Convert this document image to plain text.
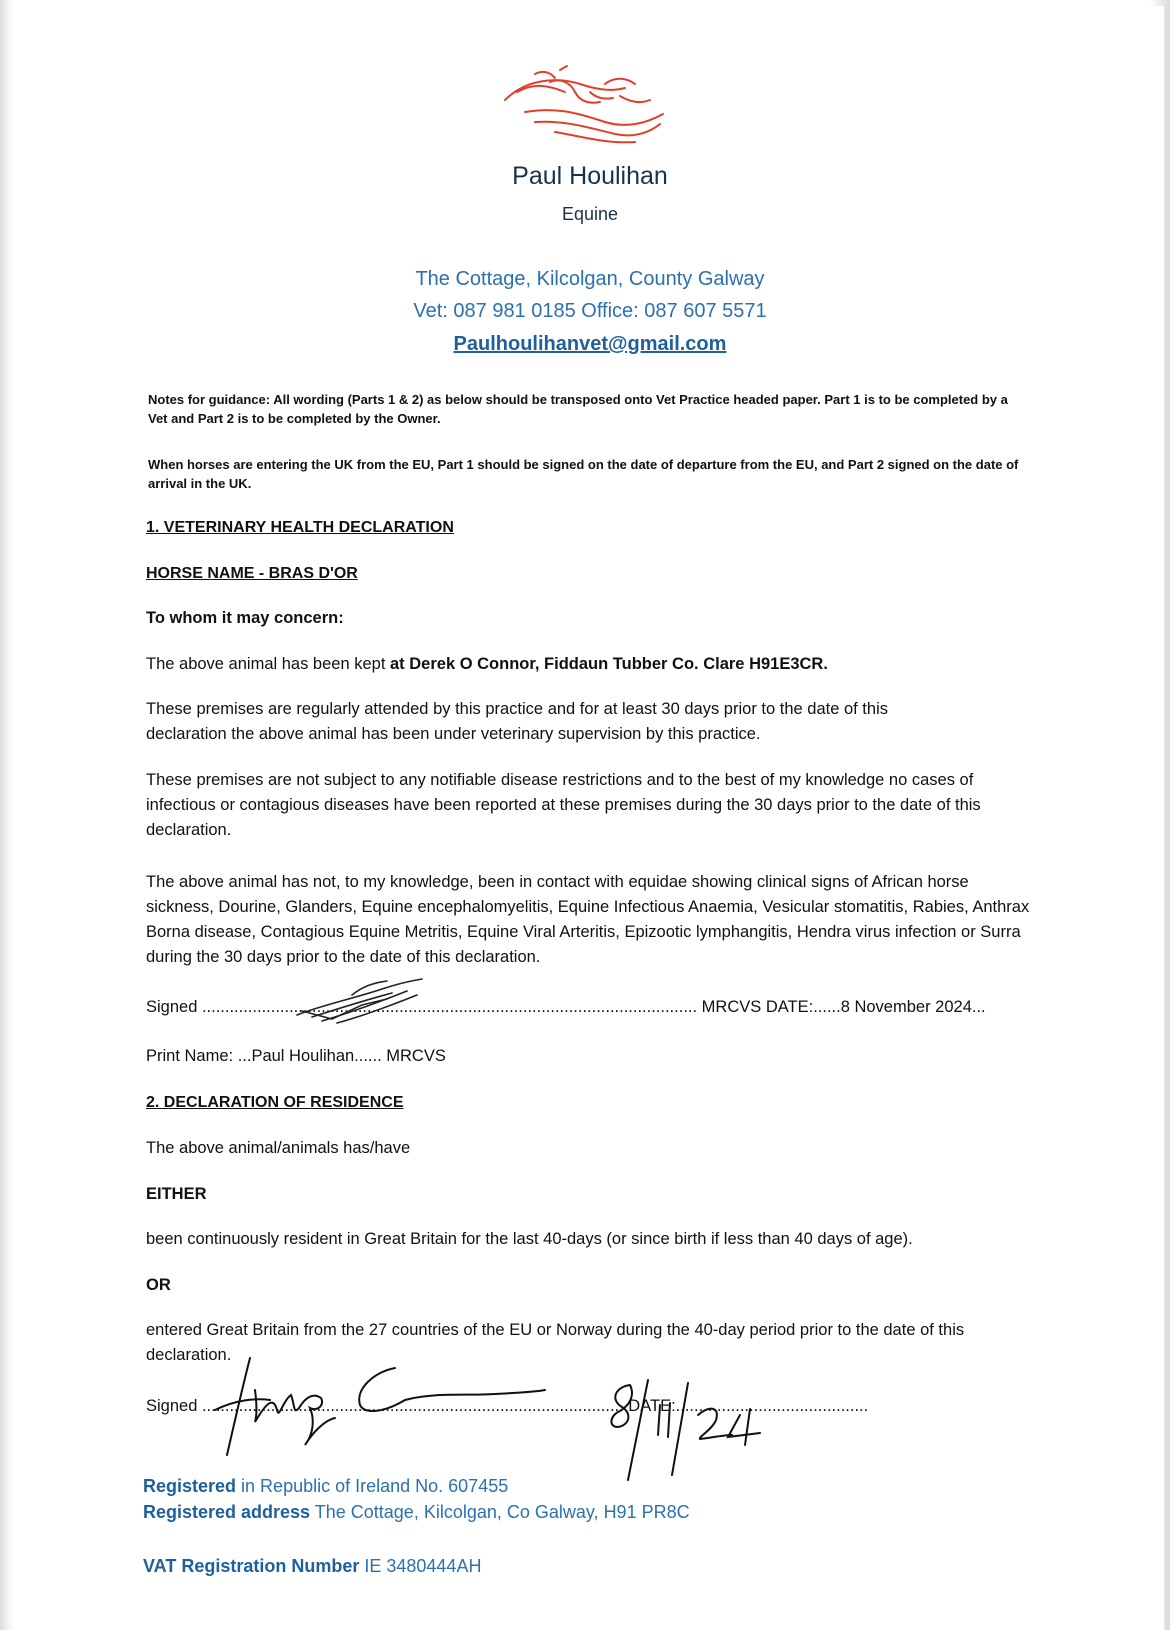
Paul Houlihan
Equine
The Cottage, Kilcolgan, County Galway
Vet: 087 981 0185 Office: 087 607 5571
Paulhoulihanvet@gmail.com
Notes for guidance: All wording (Parts 1 & 2) as below should be transposed onto Vet Practice headed paper. Part 1 is to be completed by a Vet and Part 2 is to be completed by the Owner.
When horses are entering the UK from the EU, Part 1 should be signed on the date of departure from the EU, and Part 2 signed on the date of arrival in the UK.
1. VETERINARY HEALTH DECLARATION
HORSE NAME - BRAS D'OR
To whom it may concern:
The above animal has been kept at Derek O Connor, Fiddaun Tubber Co. Clare H91E3CR.
These premises are regularly attended by this practice and for at least 30 days prior to the date of this declaration the above animal has been under veterinary supervision by this practice.
These premises are not subject to any notifiable disease restrictions and to the best of my knowledge no cases of infectious or contagious diseases have been reported at these premises during the 30 days prior to the date of this declaration.
The above animal has not, to my knowledge, been in contact with equidae showing clinical signs of African horse sickness, Dourine, Glanders, Equine encephalomyelitis, Equine Infectious Anaemia, Vesicular stomatitis, Rabies, Anthrax Borna disease, Contagious Equine Metritis, Equine Viral Arteritis, Epizootic lymphangitis, Hendra virus infection or Surra during the 30 days prior to the date of this declaration.
Signed ............................................................................................................ MRCVS DATE:......8 November 2024...
Print Name: ...Paul Houlihan...... MRCVS
2. DECLARATION OF RESIDENCE
The above animal/animals has/have
EITHER
been continuously resident in Great Britain for the last 40-days (or since birth if less than 40 days of age).
OR
entered Great Britain from the 27 countries of the EU or Norway during the 40-day period prior to the date of this declaration.
Signed ............................................................................................ DATE:..........................................
Registered in Republic of Ireland No. 607455
Registered address The Cottage, Kilcolgan, Co Galway, H91 PR8C
VAT Registration Number IE 3480444AH
